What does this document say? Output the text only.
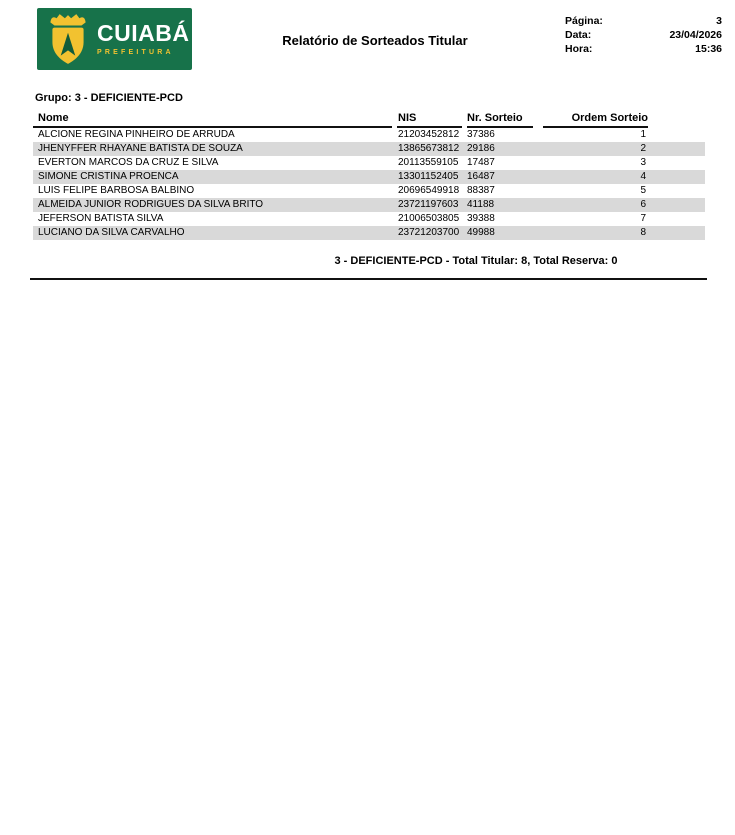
CUIABÁ
PREFEITURA
Relatório de Sorteados Titular
Página:	3
Data:	23/04/2026
Hora:	15:36
Grupo: 3 - DEFICIENTE-PCD
Nome	NIS	Nr. Sorteio	Ordem Sorteio
ALCIONE REGINA PINHEIRO DE ARRUDA	21203452812 37386	1
JHENYFFER RHAYANE BATISTA DE SOUZA	13865673812 29186	2
EVERTON MARCOS DA CRUZ E SILVA	20113559105 17487	3
SIMONE CRISTINA PROENCA	13301152405 16487	4
LUIS FELIPE BARBOSA BALBINO	20696549918 88387	5
ALMEIDA JUNIOR RODRIGUES DA SILVA BRITO	23721197603 41188	6
JEFERSON BATISTA SILVA	21006503805 39388	7
LUCIANO DA SILVA CARVALHO	23721203700 49988	8
3 - DEFICIENTE-PCD - Total Titular: 8, Total Reserva: 0
